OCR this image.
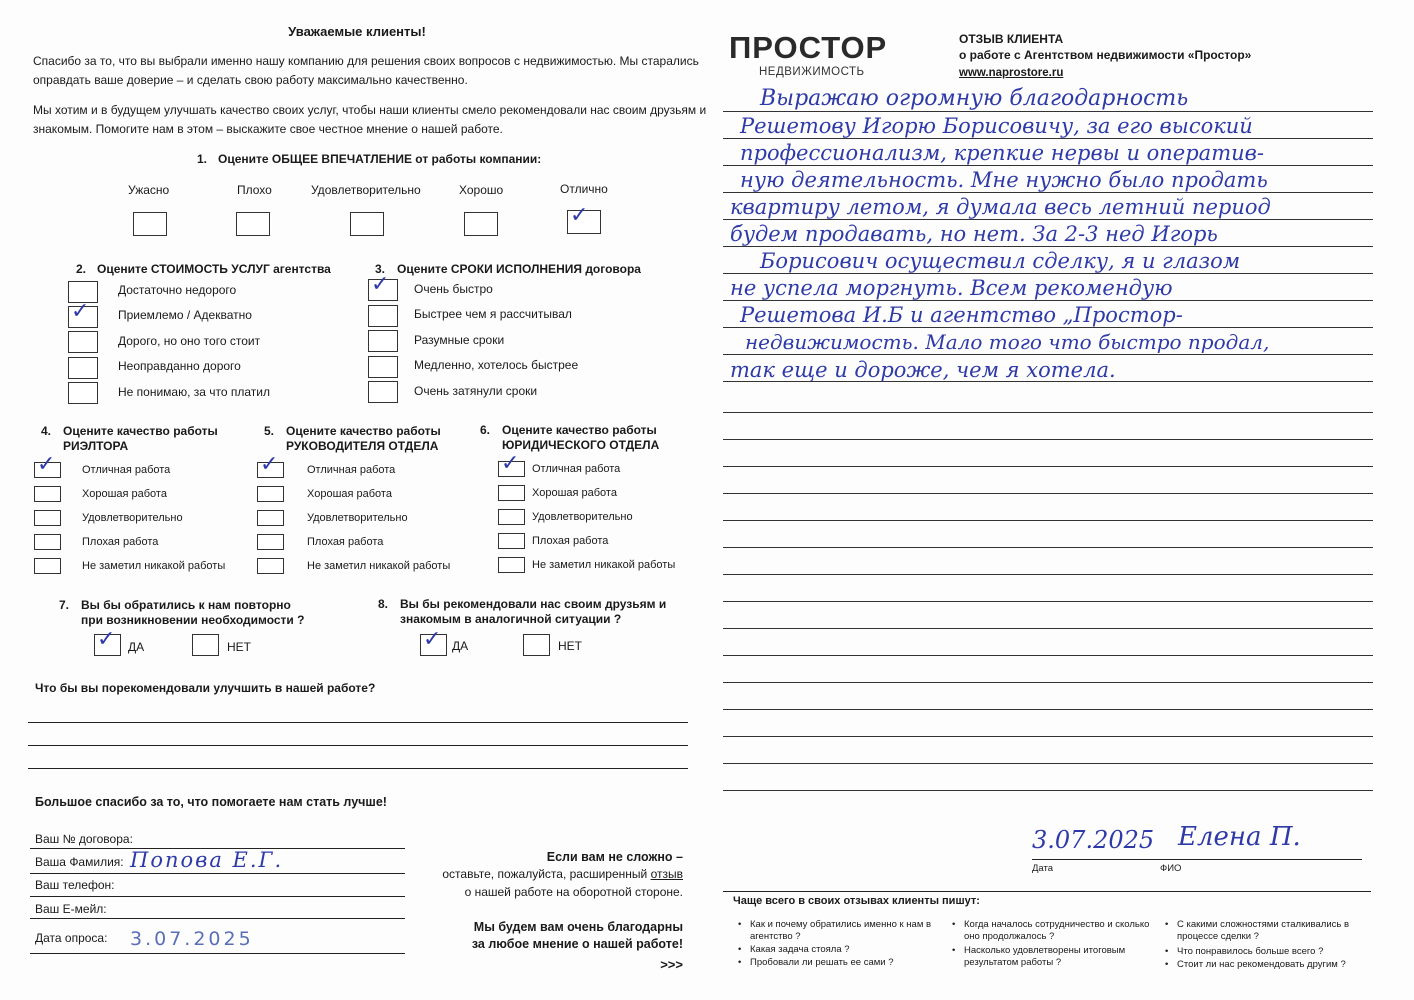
Уважаемые клиенты!
Спасибо за то, что вы выбрали именно нашу компанию для решения своих вопросов с недвижимостью. Мы старались
оправдать ваше доверие – и сделать свою работу максимально качественно.
Мы хотим и в будущем улучшать качество своих услуг, чтобы наши клиенты смело рекомендовали нас своим друзьям и
знакомым. Помогите нам в этом – выскажите свое честное мнение о нашей работе.
1. Оцените ОБЩЕЕ ВПЕЧАТЛЕНИЕ от работы компании:
Ужасно	Плохо	Удовлетворительно	Хорошо	Отлично
✓
2. Оцените СТОИМОСТЬ УСЛУГ агентства
Достаточно недорого
✓ Приемлемо / Адекватно
Дорого, но оно того стоит
Неоправданно дорого
Не понимаю, за что платил
3. Оцените СРОКИ ИСПОЛНЕНИЯ договора
✓ Очень быстро
Быстрее чем я рассчитывал
Разумные сроки
Медленно, хотелось быстрее
Очень затянули сроки
4. Оцените качество работы
РИЭЛТОРА
✓ Отличная работа
Хорошая работа
Удовлетворительно
Плохая работа
Не заметил никакой работы
5. Оцените качество работы
РУКОВОДИТЕЛЯ ОТДЕЛА
✓	Отличная работа
Хорошая работа
Удовлетворительно
Плохая работа
Не заметил никакой работы
6. Оцените качество работы
ЮРИДИЧЕСКОГО ОТДЕЛА
✓ Отличная работа
Хорошая работа
Удовлетворительно
Плохая работа
Не заметил никакой работы
7. Вы бы обратились к нам повторно
при возникновении необходимости ?
✓ ДА	НЕТ
8. Вы бы рекомендовали нас своим друзьям и
знакомым в аналогичной ситуации ?
✓ ДА	НЕТ
Что бы вы порекомендовали улучшить в нашей работе?
Большое спасибо за то, что помогаете нам стать лучше!
Ваш № договора:
Ваша Фамилия: Попова Е.Г.
Ваш телефон:
Ваш Е-мейл:
Дата опроса: 3.07.2025
Если вам не сложно –
оставьте, пожалуйста, расширенный отзыв
о нашей работе на оборотной стороне.
Мы будем вам очень благодарны
за любое мнение о нашей работе!
>>>
ПРОСТОР
НЕДВИЖИМОСТЬ
ОТЗЫВ КЛИЕНТА
о работе с Агентством недвижимости «Простор»
www.naprostore.ru
Выражаю огромную благодарность
Решетову Игорю Борисовичу, за его высокий
профессионализм, крепкие нервы и оператив-
ную деятельность. Мне нужно было продать
квартиру летом, я думала весь летний период
будем продавать, но нет. За 2-3 нед Игорь
Борисович осуществил сделку, я и глазом
не успела моргнуть. Всем рекомендую
Решетова И.Б и агентство „Простор-
недвижимость. Мало того что быстро продал,
так еще и дороже, чем я хотела.
3.07.2025 Елена П.
Дата	ФИО
Чаще всего в своих отзывах клиенты пишут:
• Как и почему обратились именно к нам в агентство ?
• Какая задача стояла ?
• Пробовали ли решать ее сами ?
• Когда началось сотрудничество и сколько оно продолжалось ?
• Насколько удовлетворены итоговым результатом работы ?
• С какими сложностями сталкивались в процессе сделки ?
• Что понравилось больше всего ?
• Стоит ли нас рекомендовать другим ?
